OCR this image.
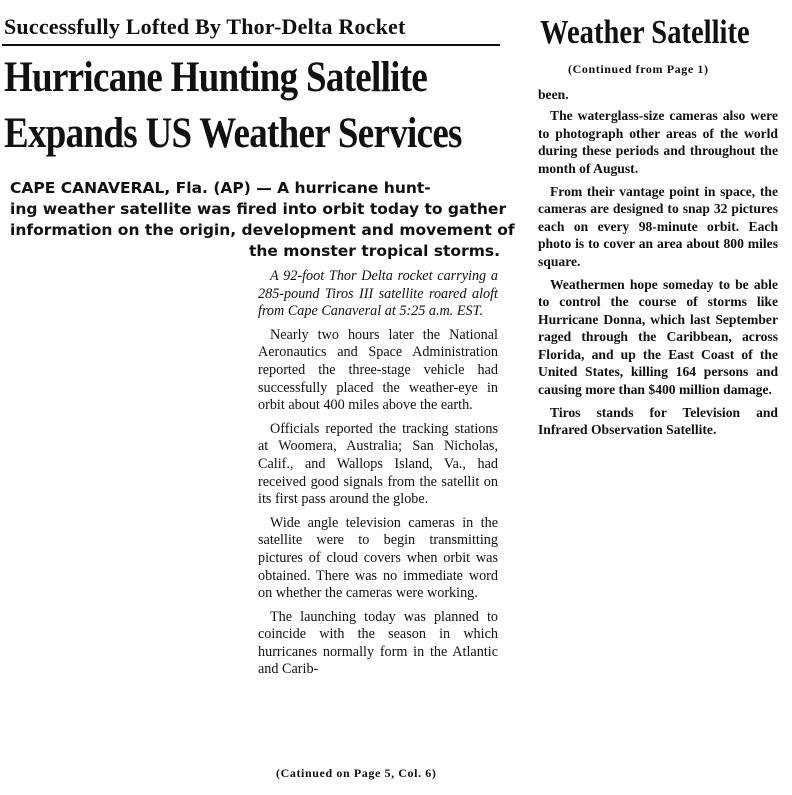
Successfully Lofted By Thor-Delta Rocket
Hurricane Hunting Satellite
Expands US Weather Services
CAPE CANAVERAL, Fla. (AP) — A hurricane hunt-
ing weather satellite was fired into orbit today to gather
information on the origin, development and movement of
the monster tropical storms.

A 92-foot Thor Delta rocket carrying a 285-pound Tiros III satellite roared aloft from Cape Canaveral at 5:25 a.m. EST.

Nearly two hours later the National Aeronautics and Space Administration reported the three-stage vehicle had successfully placed the weather-eye in orbit about 400 miles above the earth.

Officials reported the tracking stations at Woomera, Australia; San Nicholas, Calif., and Wallops Island, Va., had received good signals from the satellit on its first pass around the globe.

Wide angle television cameras in the satellite were to begin transmitting pictures of cloud covers when orbit was obtained. There was no immediate word on whether the cameras were working.

The launching today was planned to coincide with the season in which hurricanes normally form in the Atlantic and Carib-

(Catinued on Page 5, Col. 6)
Weather Satellite
(Continued from Page 1)

been.

The waterglass-size cameras also were to photograph other areas of the world during these periods and throughout the month of August.

From their vantage point in space, the cameras are designed to snap 32 pictures each on every 98-minute orbit. Each photo is to cover an area about 800 miles square.

Weathermen hope someday to be able to control the course of storms like Hurricane Donna, which last September raged through the Caribbean, across Florida, and up the East Coast of the United States, killing 164 persons and causing more than $400 million damage.

Tiros stands for Television and Infrared Observation Satellite.
